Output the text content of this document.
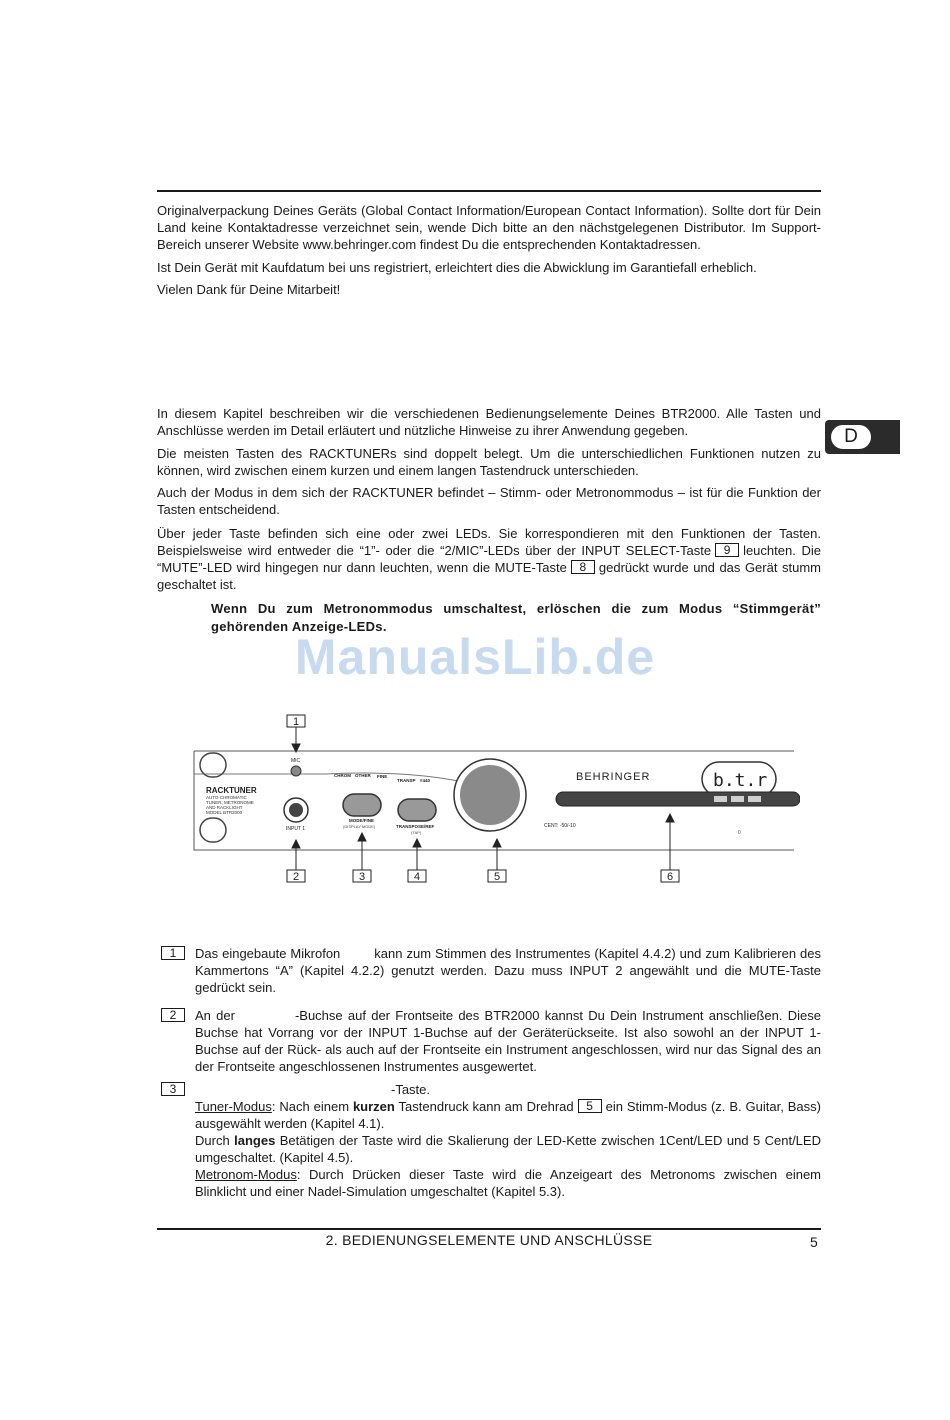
Originalverpackung Deines Geräts (Global Contact Information/European Contact Information). Sollte dort für Dein Land keine Kontaktadresse verzeichnet sein, wende Dich bitte an den nächstgelegenen Distributor. Im Support-Bereich unserer Website www.behringer.com findest Du die entsprechenden Kontaktadressen.

Ist Dein Gerät mit Kaufdatum bei uns registriert, erleichtert dies die Abwicklung im Garantiefall erheblich.

Vielen Dank für Deine Mitarbeit!

In diesem Kapitel beschreiben wir die verschiedenen Bedienungselemente Deines BTR2000. Alle Tasten und Anschlüsse werden im Detail erläutert und nützliche Hinweise zu ihrer Anwendung gegeben.

Die meisten Tasten des RACKTUNERs sind doppelt belegt. Um die unterschiedlichen Funktionen nutzen zu können, wird zwischen einem kurzen und einem langen Tastendruck unterschieden.

Auch der Modus in dem sich der RACKTUNER befindet – Stimm- oder Metronommodus – ist für die Funktion der Tasten entscheidend.

Über jeder Taste befinden sich eine oder zwei LEDs. Sie korrespondieren mit den Funktionen der Tasten. Beispielsweise wird entweder die “1”- oder die “2/MIC”-LEDs über der INPUT SELECT-Taste 9 leuchten. Die “MUTE”-LED wird hingegen nur dann leuchten, wenn die MUTE-Taste 8 gedrückt wurde und das Gerät stumm geschaltet ist.

Wenn Du zum Metronommodus umschaltest, erlöschen die zum Modus “Stimmgerät” gehörenden Anzeige-LEDs.

D
ManualsLib.de
RACKTUNER
AUTO-CHROMATIC
TUNER, METRONOME
AND RACKLIGHT
MODEL BTR2000
MIC
INPUT 1
CHROM OTHER FINE
MODE/FINE
(DISPLAY MODE)
TRANSP #440
TRANSPOSE/REF
(TAP)
BEHRINGER	b.t.r
CENT: -50/-10
0
1
2	3	4	5	6
1	Das eingebaute Mikrofon	kann zum Stimmen des Instrumentes (Kapitel 4.4.2) und zum Kalibrieren des Kammertons “A” (Kapitel 4.2.2) genutzt werden. Dazu muss INPUT 2 angewählt und die MUTE-Taste gedrückt sein.

2	An der	-Buchse auf der Frontseite des BTR2000 kannst Du Dein Instrument anschließen. Diese Buchse hat Vorrang vor der INPUT 1-Buchse auf der Geräterückseite. Ist also sowohl an der INPUT 1-Buchse auf der Rück- als auch auf der Frontseite ein Instrument angeschlossen, wird nur das Signal des an der Frontseite angeschlossenen Instrumentes ausgewertet.

3	-Taste.

Tuner-Modus: Nach einem kurzen Tastendruck kann am Drehrad 5 ein Stimm-Modus (z. B. Guitar, Bass) ausgewählt werden (Kapitel 4.1).

Durch langes Betätigen der Taste wird die Skalierung der LED-Kette zwischen 1Cent/LED und 5 Cent/LED umgeschaltet. (Kapitel 4.5).

Metronom-Modus: Durch Drücken dieser Taste wird die Anzeigeart des Metronoms zwischen einem Blinklicht und einer Nadel-Simulation umgeschaltet (Kapitel 5.3).

2. BEDIENUNGSELEMENTE UND ANSCHLÜSSE	5
